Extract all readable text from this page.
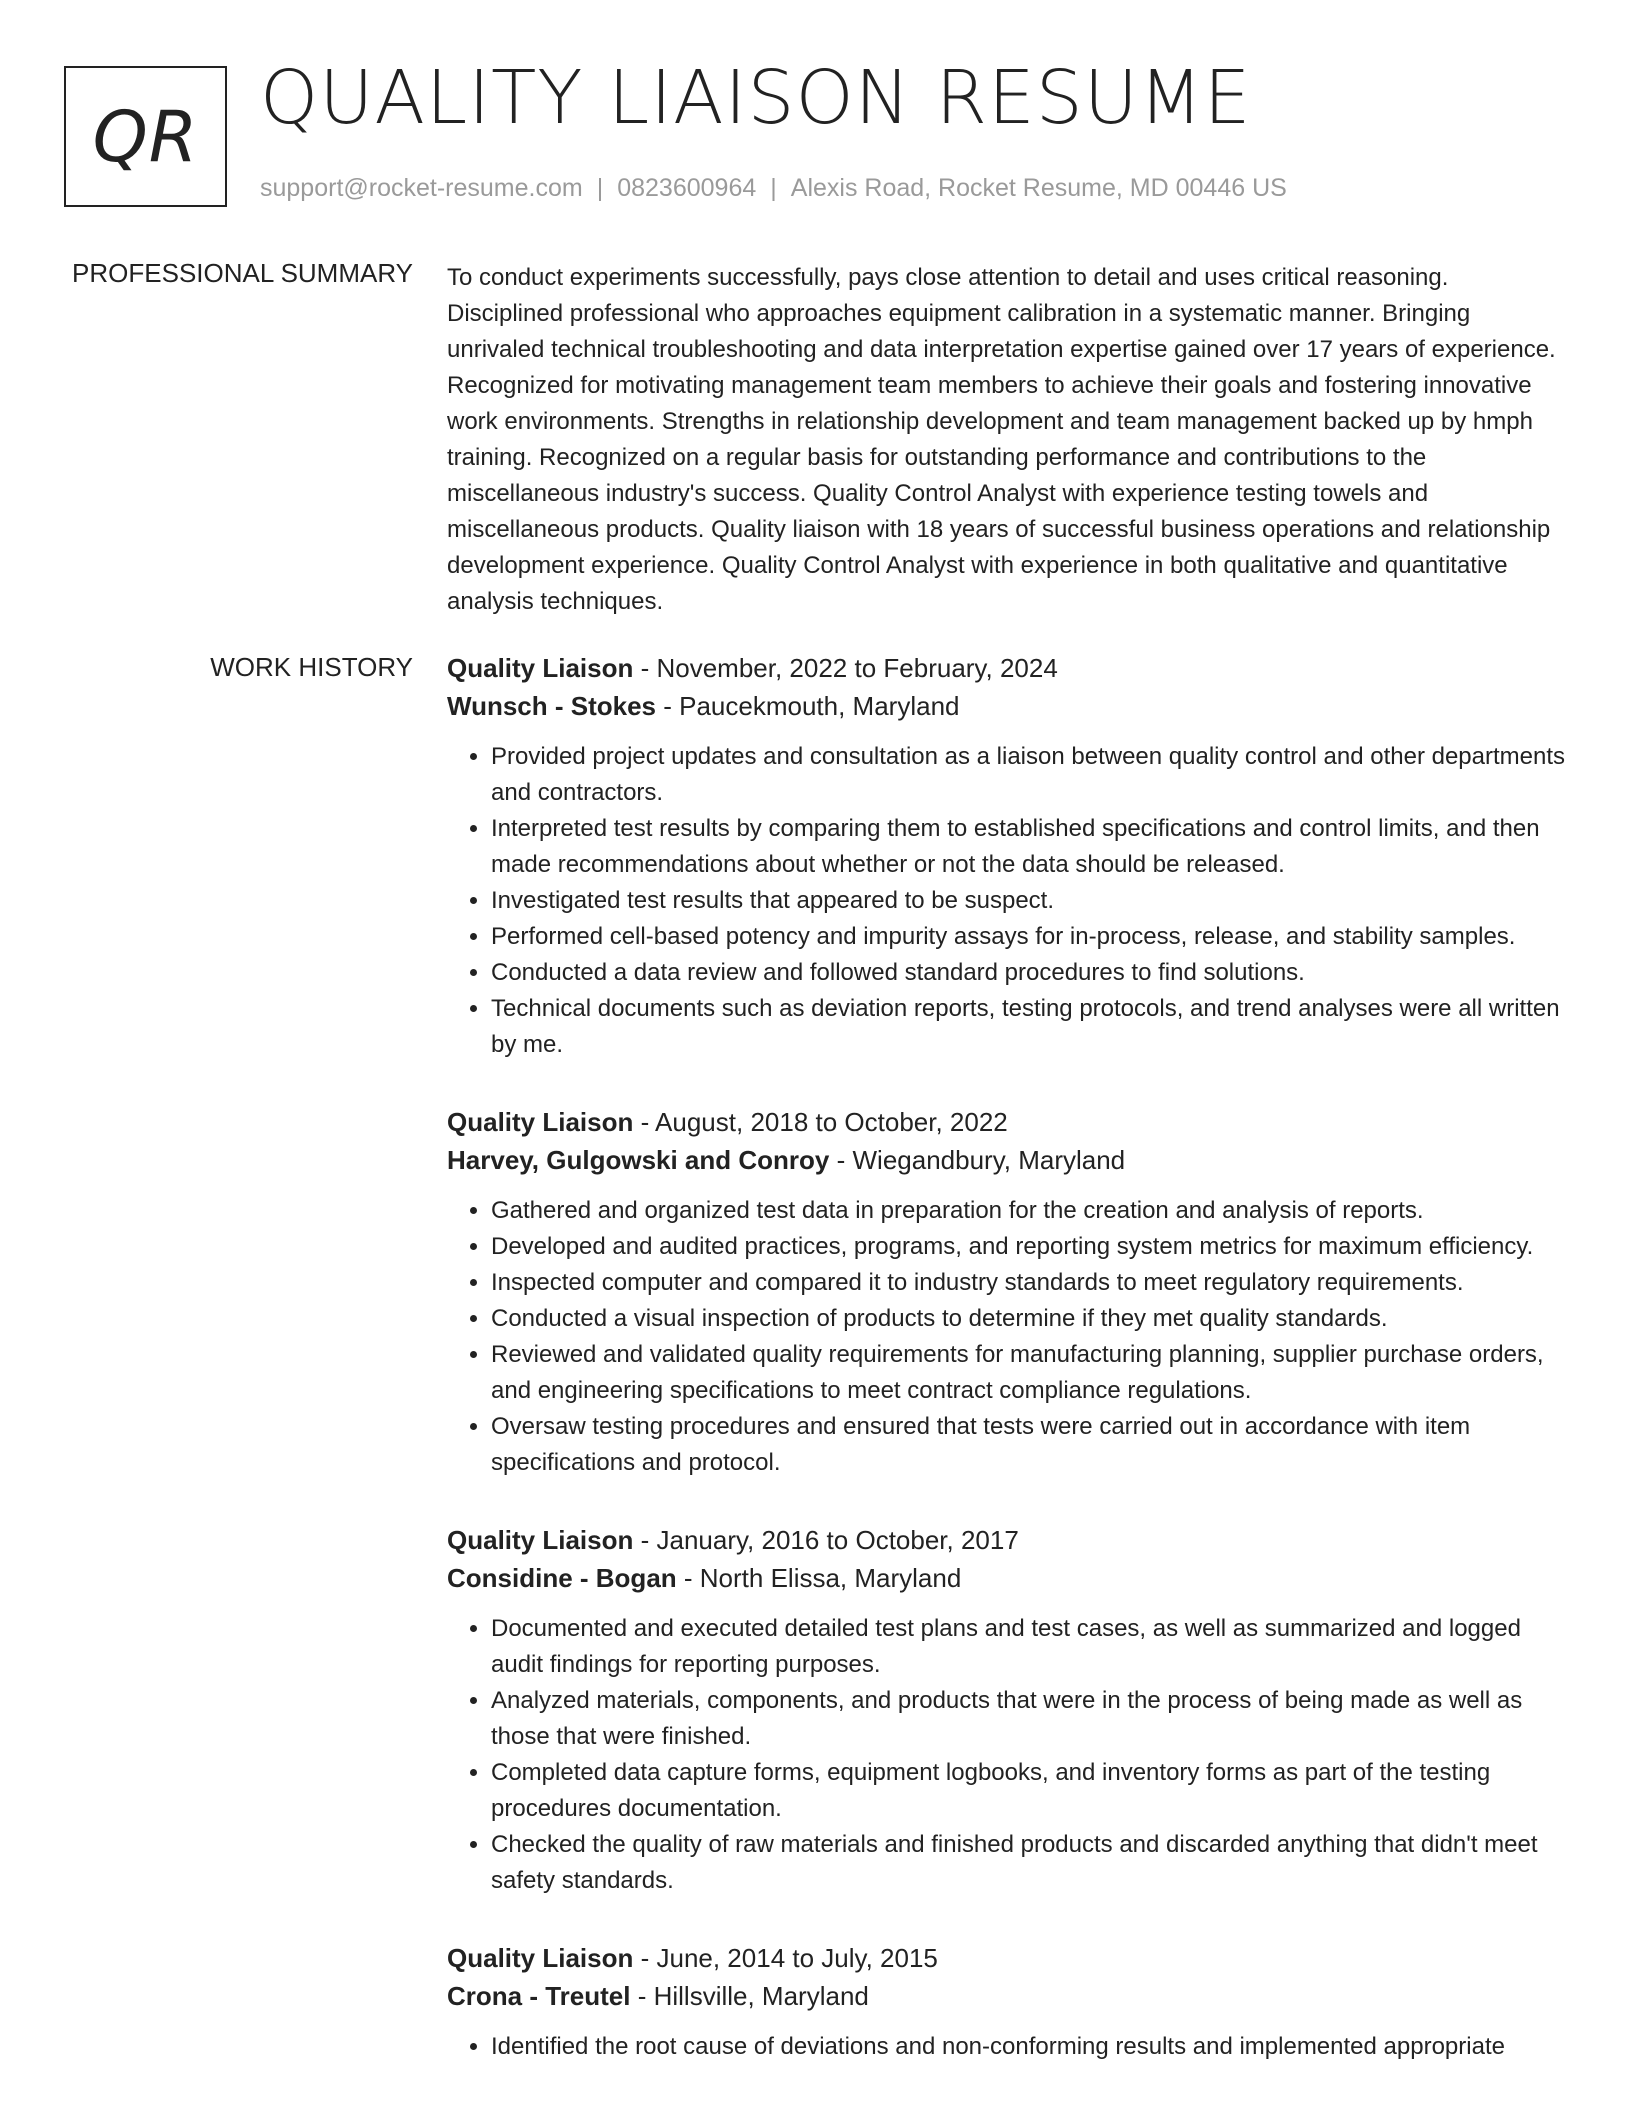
QR QUALITY LIAISON RESUME
support@rocket-resume.com | 0823600964 | Alexis Road, Rocket Resume, MD 00446 US
PROFESSIONAL SUMMARY To conduct experiments successfully, pays close attention to detail and uses critical reasoning. Disciplined professional who approaches equipment calibration in a systematic manner. Bringing unrivaled technical troubleshooting and data interpretation expertise gained over 17 years of experience. Recognized for motivating management team members to achieve their goals and fostering innovative work environments. Strengths in relationship development and team management backed up by hmph training. Recognized on a regular basis for outstanding performance and contributions to the miscellaneous industry's success. Quality Control Analyst with experience testing towels and miscellaneous products. Quality liaison with 18 years of successful business operations and relationship development experience. Quality Control Analyst with experience in both qualitative and quantitative analysis techniques.
WORK HISTORY Quality Liaison - November, 2022 to February, 2024
Wunsch - Stokes - Paucekmouth, Maryland
• Provided project updates and consultation as a liaison between quality control and other departments and contractors.
• Interpreted test results by comparing them to established specifications and control limits, and then made recommendations about whether or not the data should be released.
• Investigated test results that appeared to be suspect.
• Performed cell-based potency and impurity assays for in-process, release, and stability samples.
• Conducted a data review and followed standard procedures to find solutions.
• Technical documents such as deviation reports, testing protocols, and trend analyses were all written by me.
Quality Liaison - August, 2018 to October, 2022
Harvey, Gulgowski and Conroy - Wiegandbury, Maryland
• Gathered and organized test data in preparation for the creation and analysis of reports.
• Developed and audited practices, programs, and reporting system metrics for maximum efficiency.
• Inspected computer and compared it to industry standards to meet regulatory requirements.
• Conducted a visual inspection of products to determine if they met quality standards.
• Reviewed and validated quality requirements for manufacturing planning, supplier purchase orders, and engineering specifications to meet contract compliance regulations.
• Oversaw testing procedures and ensured that tests were carried out in accordance with item specifications and protocol.
Quality Liaison - January, 2016 to October, 2017
Considine - Bogan - North Elissa, Maryland
• Documented and executed detailed test plans and test cases, as well as summarized and logged audit findings for reporting purposes.
• Analyzed materials, components, and products that were in the process of being made as well as those that were finished.
• Completed data capture forms, equipment logbooks, and inventory forms as part of the testing procedures documentation.
• Checked the quality of raw materials and finished products and discarded anything that didn't meet safety standards.
Quality Liaison - June, 2014 to July, 2015
Crona - Treutel - Hillsville, Maryland
• Identified the root cause of deviations and non-conforming results and implemented appropriate
